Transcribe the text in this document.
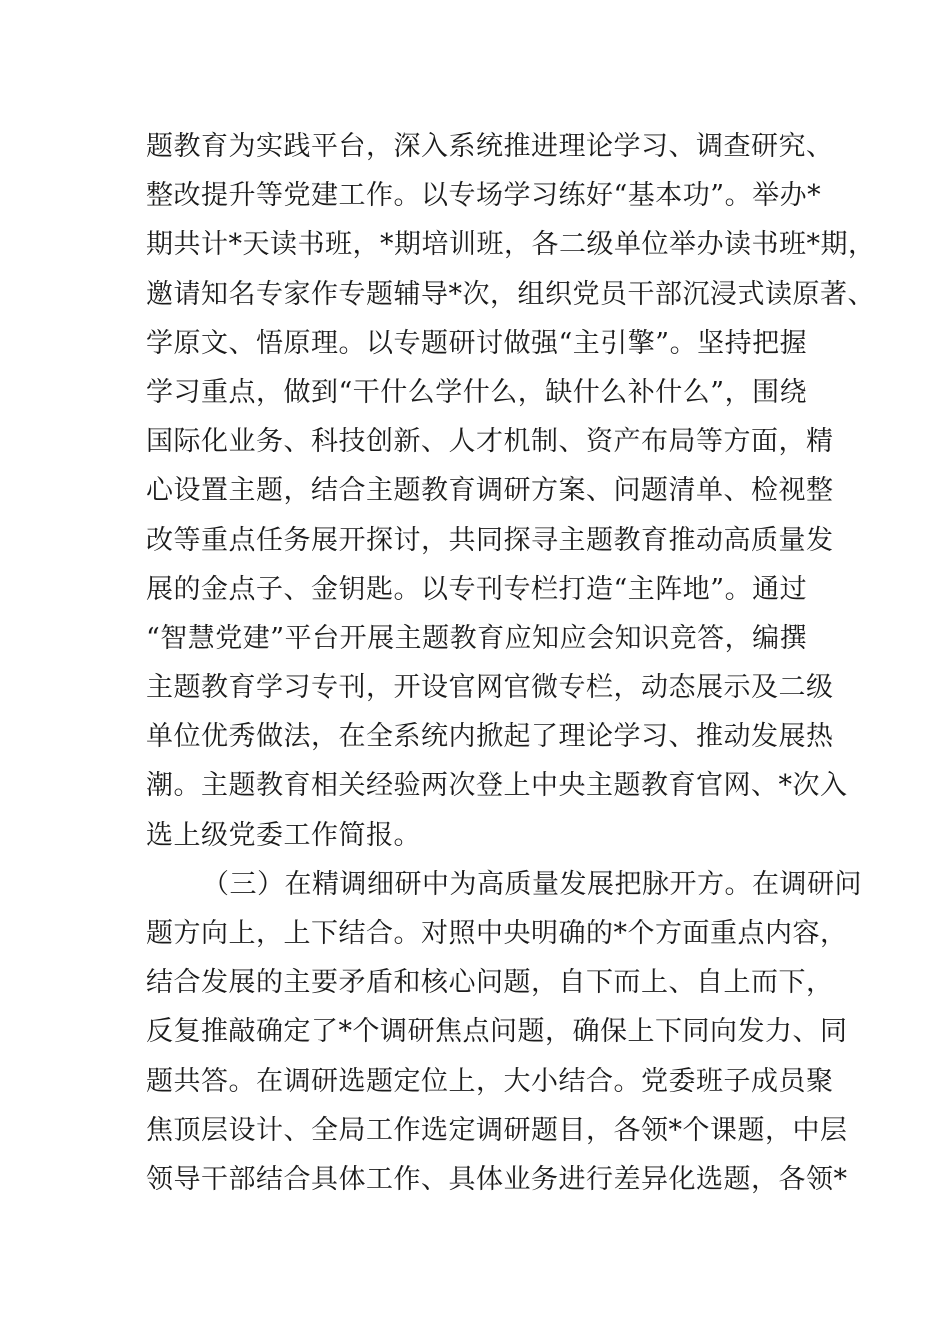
题教育为实践平台，深入系统推进理论学习、调查研究、
整改提升等党建工作。以专场学习练好“基本功”。举办*
期共计*天读书班，*期培训班，各二级单位举办读书班*期，
邀请知名专家作专题辅导*次，组织党员干部沉浸式读原著、
学原文、悟原理。以专题研讨做强“主引擎”。坚持把握
学习重点，做到“干什么学什么，缺什么补什么”，围绕
国际化业务、科技创新、人才机制、资产布局等方面，精
心设置主题，结合主题教育调研方案、问题清单、检视整
改等重点任务展开探讨，共同探寻主题教育推动高质量发
展的金点子、金钥匙。以专刊专栏打造“主阵地”。通过
“智慧党建”平台开展主题教育应知应会知识竞答，编撰
主题教育学习专刊，开设官网官微专栏，动态展示及二级
单位优秀做法，在全系统内掀起了理论学习、推动发展热
潮。主题教育相关经验两次登上中央主题教育官网、*次入
选上级党委工作简报。
（三）在精调细研中为高质量发展把脉开方。在调研问
题方向上，上下结合。对照中央明确的*个方面重点内容，
结合发展的主要矛盾和核心问题，自下而上、自上而下，
反复推敲确定了*个调研焦点问题，确保上下同向发力、同
题共答。在调研选题定位上，大小结合。党委班子成员聚
焦顶层设计、全局工作选定调研题目，各领*个课题，中层
领导干部结合具体工作、具体业务进行差异化选题，各领*
